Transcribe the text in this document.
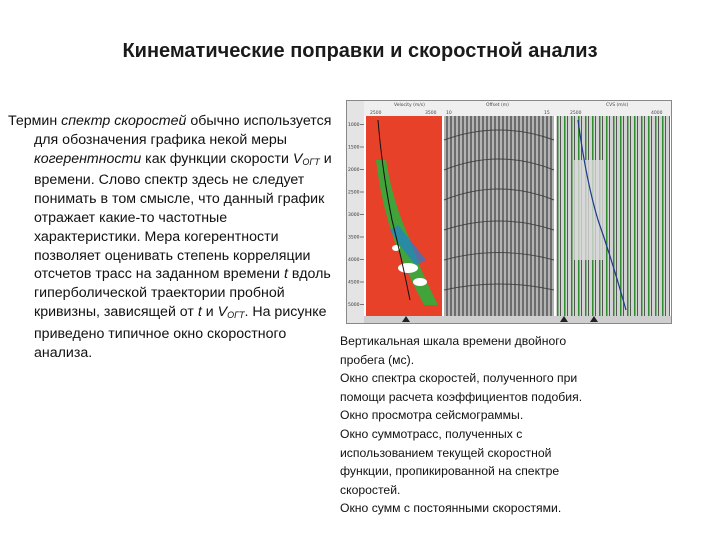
Кинематические поправки и скоростной анализ
Термин спектр скоростей обычно используется для обозначения графика некой меры когерентности как функции скорости $V_{ОГТ}$ и времени. Слово спектр здесь не следует понимать в том смысле, что данный график отражает какие-то частотные характеристики. Мера когерентности позволяет оценивать степень корреляции отсчетов трасс на заданном времени t вдоль гиперболической траектории пробной кривизны, зависящей от t и $V_{ОГТ}$. На рисунке приведено типичное окно скоростного анализа.
1000
1500
2000
2500
3000
3500
4000
4500
5000
Velocity (m/s)	Offset (m)	CVS (m/s)
2500	3500 10	2500
15	4000
Вертикальная шкала времени двойного
пробега (мс).
Окно спектра скоростей, полученного при
помощи расчета коэффициентов подобия.
Окно просмотра сейсмограммы.
Окно суммотрасс, полученных с
использованием текущей скоростной
функции, пропикированной на спектре
скоростей.
Окно сумм с постоянными скоростями.
